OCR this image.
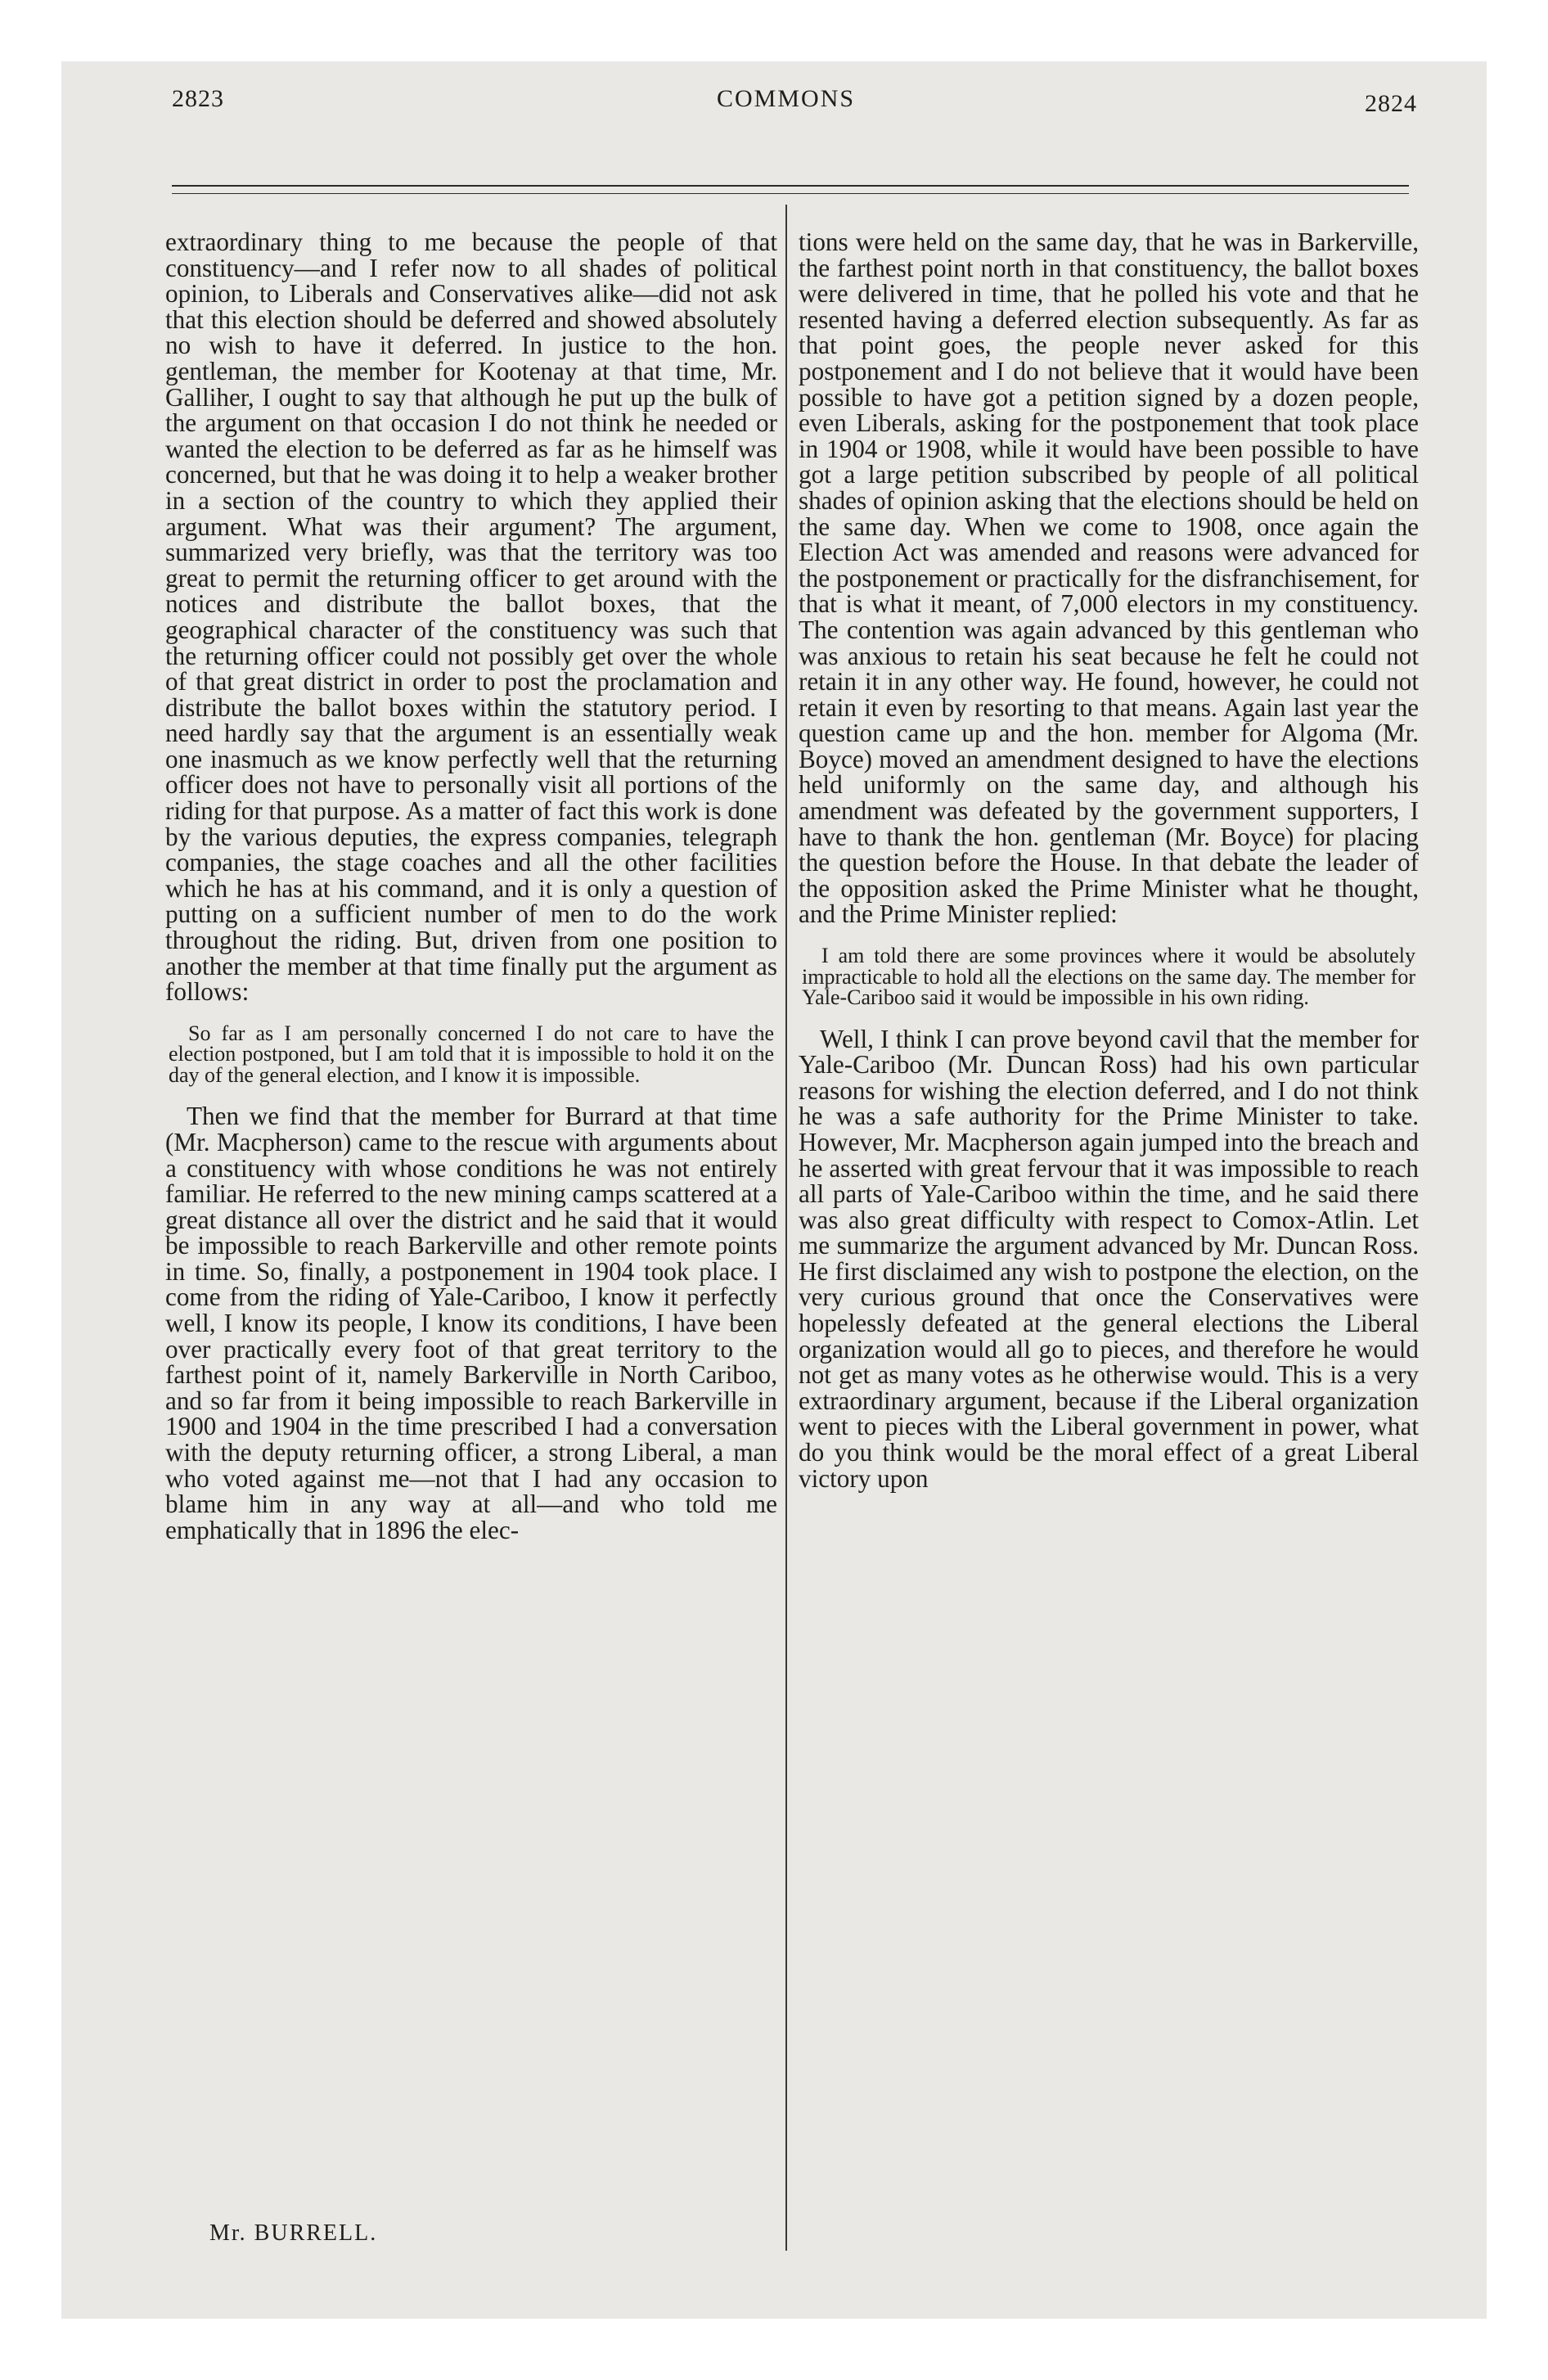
2823	COMMONS	2824

extraordinary thing to me because the people of that constituency—and I refer now to all shades of political opinion, to Liberals and Conservatives alike—did not ask that this election should be deferred and showed absolutely no wish to have it deferred. In justice to the hon. gentleman, the member for Kootenay at that time, Mr. Galliher, I ought to say that although he put up the bulk of the argument on that occasion I do not think he needed or wanted the election to be deferred as far as he himself was concerned, but that he was doing it to help a weaker brother in a section of the country to which they applied their argument. What was their argument? The argument, summarized very briefly, was that the territory was too great to permit the returning officer to get around with the notices and distribute the ballot boxes, that the geographical character of the constituency was such that the returning officer could not possibly get over the whole of that great district in order to post the proclamation and distribute the ballot boxes within the statutory period. I need hardly say that the argument is an essentially weak one inasmuch as we know perfectly well that the returning officer does not have to personally visit all portions of the riding for that purpose. As a matter of fact this work is done by the various deputies, the express companies, telegraph companies, the stage coaches and all the other facilities which he has at his command, and it is only a question of putting on a sufficient number of men to do the work throughout the riding. But, driven from one position to another the member at that time finally put the argument as follows:

So far as I am personally concerned I do not care to have the election postponed, but I am told that it is impossible to hold it on the day of the general election, and I know it is impossible.

Then we find that the member for Burrard at that time (Mr. Macpherson) came to the rescue with arguments about a constituency with whose conditions he was not entirely familiar. He referred to the new mining camps scattered at a great distance all over the district and he said that it would be impossible to reach Barkerville and other remote points in time. So, finally, a postponement in 1904 took place. I come from the riding of Yale-Cariboo, I know it perfectly well, I know its people, I know its conditions, I have been over practically every foot of that great territory to the farthest point of it, namely Barkerville in North Cariboo, and so far from it being impossible to reach Barkerville in 1900 and 1904 in the time prescribed I had a conversation with the deputy returning officer, a strong Liberal, a man who voted against me—not that I had any occasion to blame him in any way at all—and who told me emphatically that in 1896 the elec-

tions were held on the same day, that he was in Barkerville, the farthest point north in that constituency, the ballot boxes were delivered in time, that he polled his vote and that he resented having a deferred election subsequently. As far as that point goes, the people never asked for this postponement and I do not believe that it would have been possible to have got a petition signed by a dozen people, even Liberals, asking for the postponement that took place in 1904 or 1908, while it would have been possible to have got a large petition subscribed by people of all political shades of opinion asking that the elections should be held on the same day. When we come to 1908, once again the Election Act was amended and reasons were advanced for the postponement or practically for the disfranchisement, for that is what it meant, of 7,000 electors in my constituency. The contention was again advanced by this gentleman who was anxious to retain his seat because he felt he could not retain it in any other way. He found, however, he could not retain it even by resorting to that means. Again last year the question came up and the hon. member for Algoma (Mr. Boyce) moved an amendment designed to have the elections held uniformly on the same day, and although his amendment was defeated by the government supporters, I have to thank the hon. gentleman (Mr. Boyce) for placing the question before the House. In that debate the leader of the opposition asked the Prime Minister what he thought, and the Prime Minister replied:

I am told there are some provinces where it would be absolutely impracticable to hold all the elections on the same day. The member for Yale-Cariboo said it would be impossible in his own riding.

Well, I think I can prove beyond cavil that the member for Yale-Cariboo (Mr. Duncan Ross) had his own particular reasons for wishing the election deferred, and I do not think he was a safe authority for the Prime Minister to take. However, Mr. Macpherson again jumped into the breach and he asserted with great fervour that it was impossible to reach all parts of Yale-Cariboo within the time, and he said there was also great difficulty with respect to Comox-Atlin. Let me summarize the argument advanced by Mr. Duncan Ross. He first disclaimed any wish to postpone the election, on the very curious ground that once the Conservatives were hopelessly defeated at the general elections the Liberal organization would all go to pieces, and therefore he would not get as many votes as he otherwise would. This is a very extraordinary argument, because if the Liberal organization went to pieces with the Liberal government in power, what do you think would be the moral effect of a great Liberal victory upon

Mr. BURRELL.
